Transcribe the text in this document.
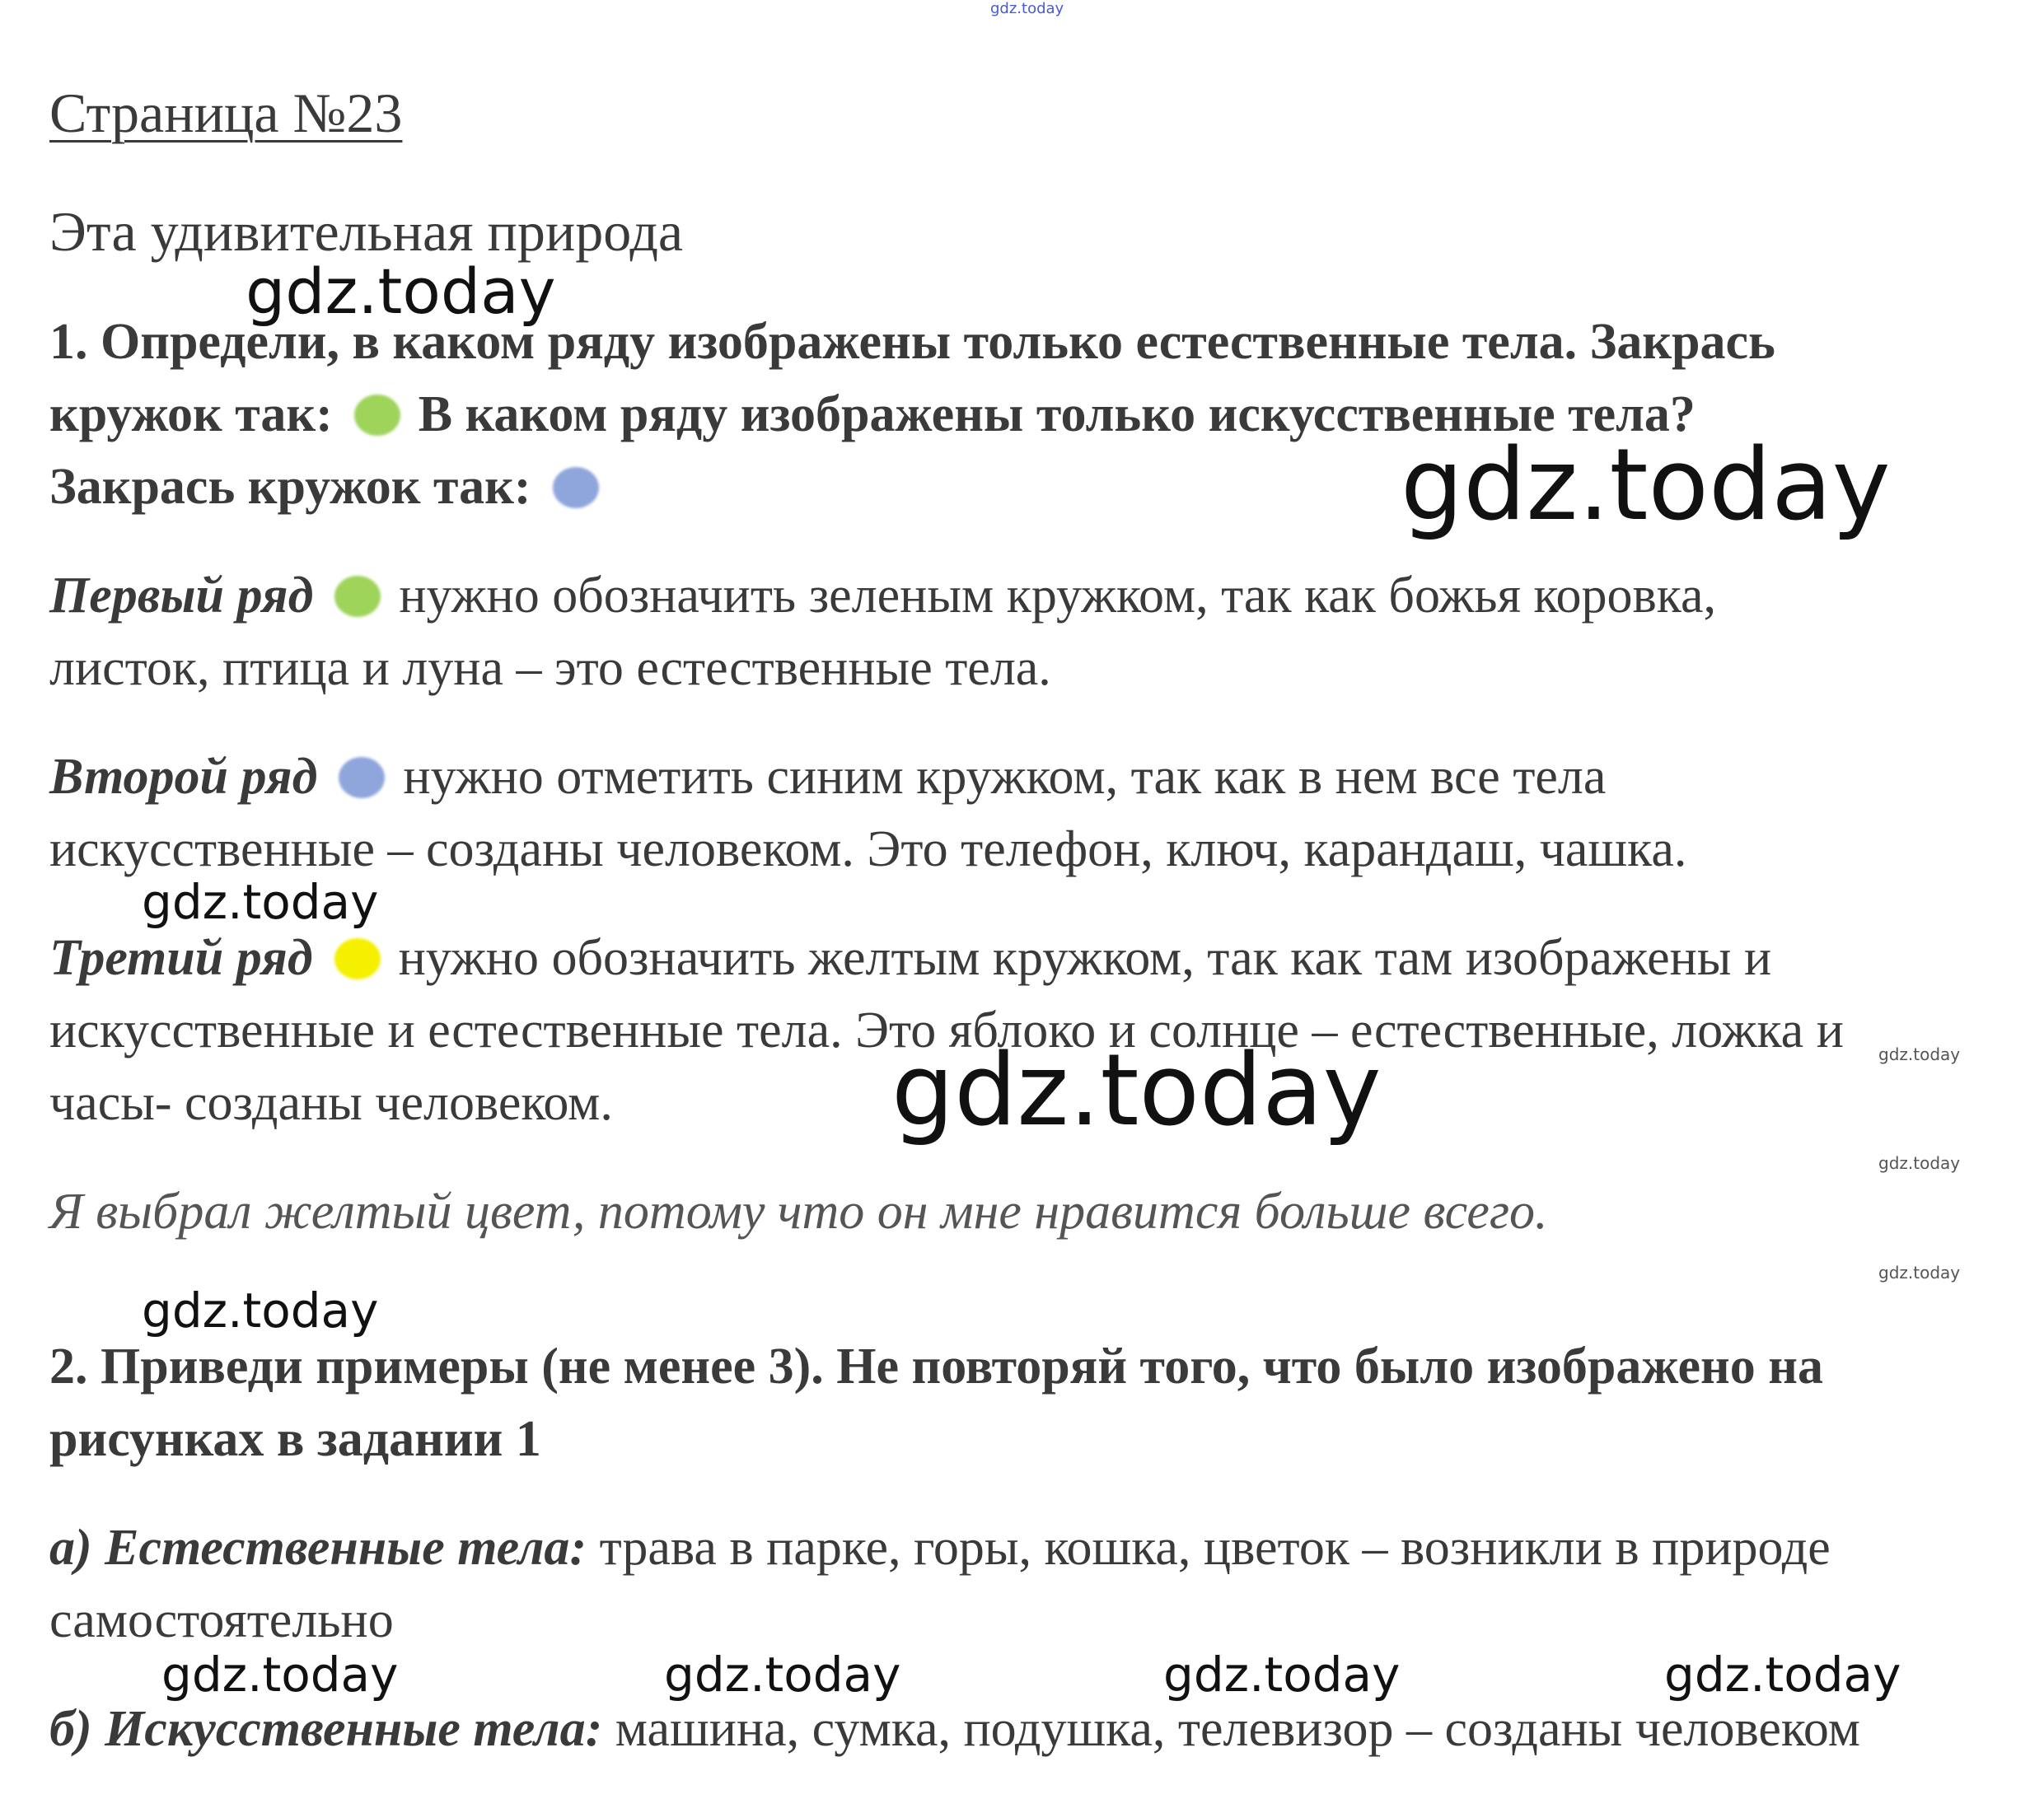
gdz.today
gdz.today
gdz.today
gdz.today
gdz.today	gdz.today
gdz.today
gdz.today
gdz.today
gdz.today	gdz.today	gdz.today	gdz.today
Страница №23
Эта удивительная природа
1. Определи, в каком ряду изображены только естественные тела. Закрась
кружок так: В каком ряду изображены только искусственные тела?
Закрась кружок так:
Первый ряд нужно обозначить зеленым кружком, так как божья коровка,
листок, птица и луна – это естественные тела.
Второй ряд нужно отметить синим кружком, так как в нем все тела
искусственные – созданы человеком. Это телефон, ключ, карандаш, чашка.
Третий ряд нужно обозначить желтым кружком, так как там изображены и
искусственные и естественные тела. Это яблоко и солнце – естественные, ложка и
часы- созданы человеком.
Я выбрал желтый цвет, потому что он мне нравится больше всего.
2. Приведи примеры (не менее 3). Не повторяй того, что было изображено на
рисунках в задании 1
а) Естественные тела: трава в парке, горы, кошка, цветок – возникли в природе
самостоятельно
б) Искусственные тела: машина, сумка, подушка, телевизор – созданы человеком
